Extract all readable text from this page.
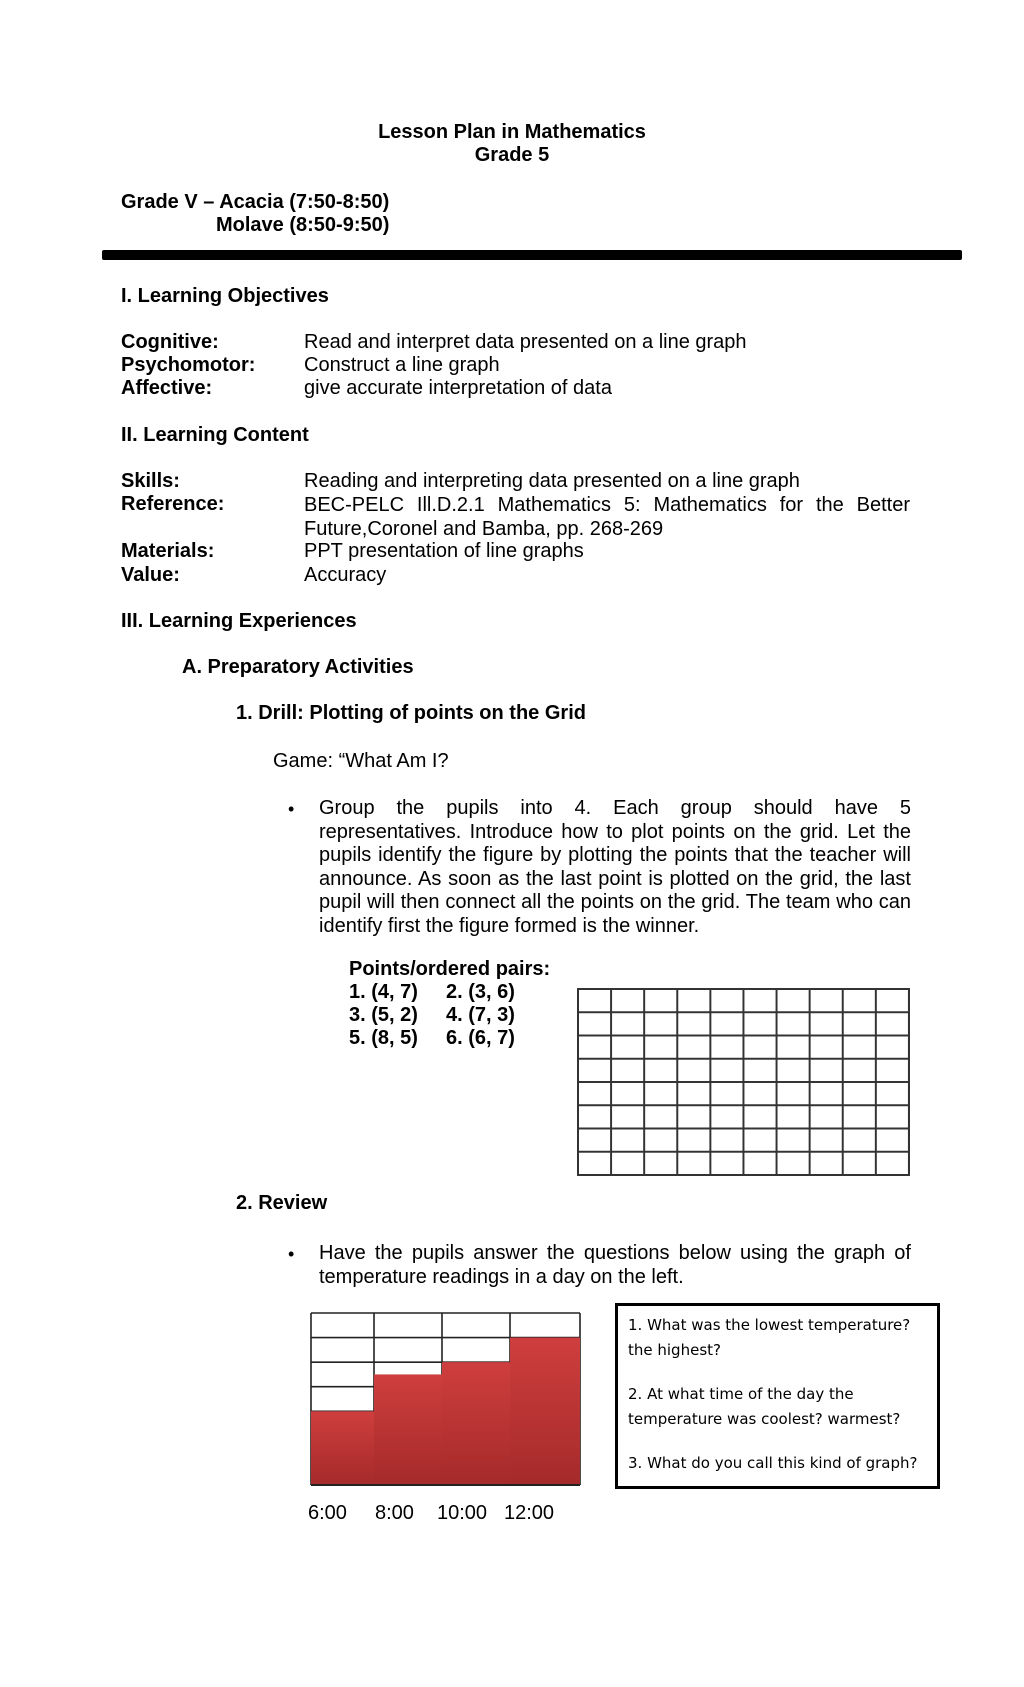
Lesson Plan in Mathematics
Grade 5
Grade V – Acacia (7:50-8:50)
Molave (8:50-9:50)
I. Learning Objectives
Cognitive:	Read and interpret data presented on a line graph
Psychomotor: Construct a line graph
Affective:	give accurate interpretation of data
II. Learning Content
Skills:	Reading and interpreting data presented on a line graph
Reference:	BEC-PELC Ill.D.2.1 Mathematics 5: Mathematics for the Better Future,Coronel and Bamba, pp. 268-269
Materials:	PPT presentation of line graphs
Value:	Accuracy
III. Learning Experiences
A. Preparatory Activities
1. Drill: Plotting of points on the Grid
Game: “What Am I?
• Group the pupils into 4. Each group should have 5 representatives. Introduce how to plot points on the grid. Let the pupils identify the figure by plotting the points that the teacher will announce. As soon as the last point is plotted on the grid, the last pupil will then connect all the points on the grid. The team who can identify first the figure formed is the winner.
Points/ordered pairs:
1. (4, 7) 2. (3, 6)
3. (5, 2) 4. (7, 3)
5. (8, 5) 6. (6, 7)
2. Review
• Have the pupils answer the questions below using the graph of temperature readings in a day on the left.
6:00 8:00 10:00 12:00

1. What was the lowest temperature? the highest?

2. At what time of the day the temperature was coolest? warmest?

3. What do you call this kind of graph?
